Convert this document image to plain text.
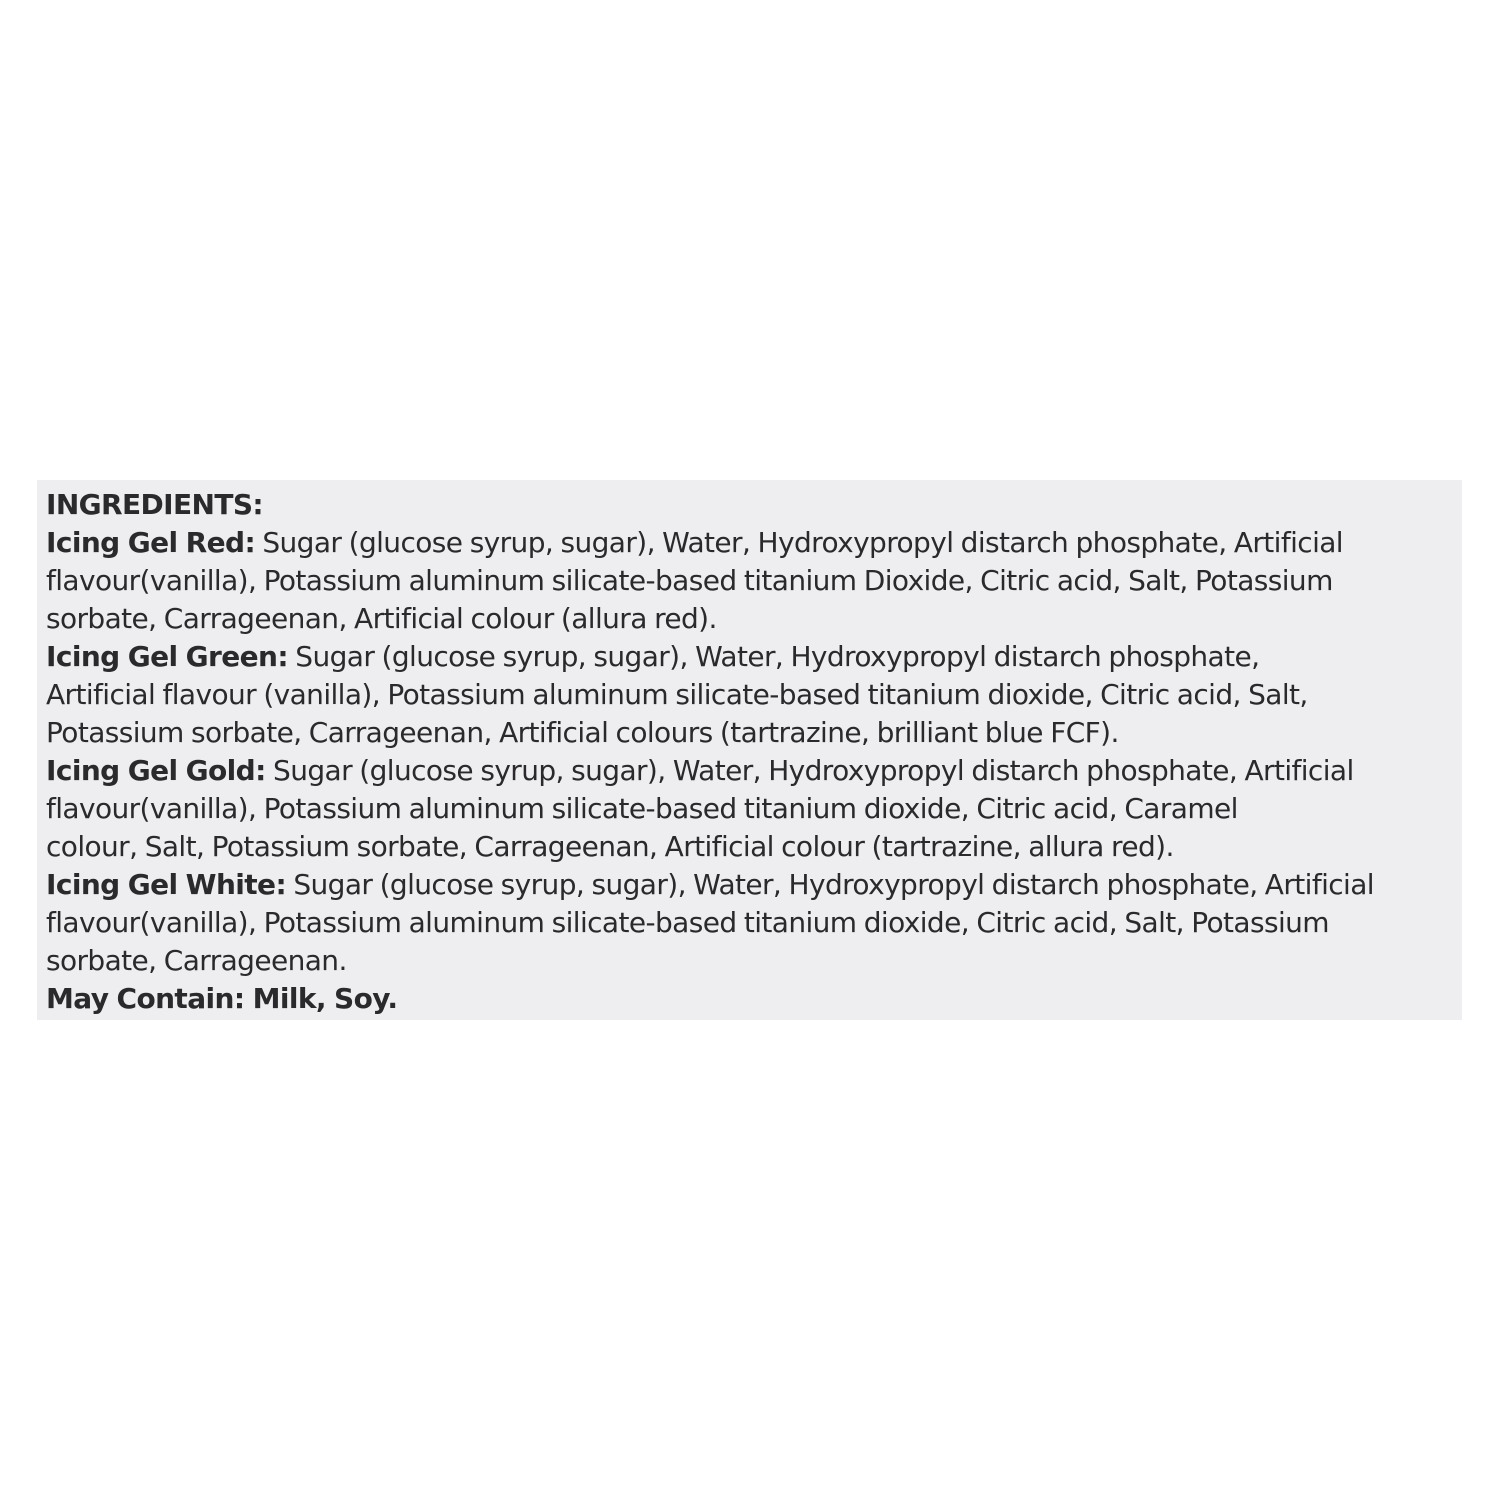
INGREDIENTS:
Icing Gel Red: Sugar (glucose syrup, sugar), Water, Hydroxypropyl distarch phosphate, Artificial
flavour(vanilla), Potassium aluminum silicate-based titanium Dioxide, Citric acid, Salt, Potassium
sorbate, Carrageenan, Artificial colour (allura red).
Icing Gel Green: Sugar (glucose syrup, sugar), Water, Hydroxypropyl distarch phosphate,
Artificial flavour (vanilla), Potassium aluminum silicate-based titanium dioxide, Citric acid, Salt,
Potassium sorbate, Carrageenan, Artificial colours (tartrazine, brilliant blue FCF).
Icing Gel Gold: Sugar (glucose syrup, sugar), Water, Hydroxypropyl distarch phosphate, Artificial
flavour(vanilla), Potassium aluminum silicate-based titanium dioxide, Citric acid, Caramel
colour, Salt, Potassium sorbate, Carrageenan, Artificial colour (tartrazine, allura red).
Icing Gel White: Sugar (glucose syrup, sugar), Water, Hydroxypropyl distarch phosphate, Artificial
flavour(vanilla), Potassium aluminum silicate-based titanium dioxide, Citric acid, Salt, Potassium
sorbate, Carrageenan.
May Contain: Milk, Soy.
